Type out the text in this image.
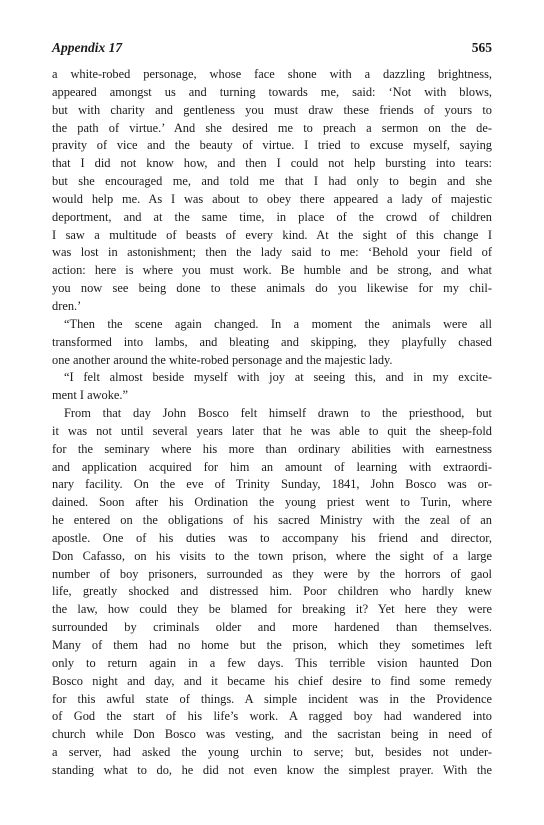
Appendix 17	565
a white-robed personage, whose face shone with a dazzling brightness,
appeared amongst us and turning towards me, said: ‘Not with blows,
but with charity and gentleness you must draw these friends of yours to
the path of virtue.’ And she desired me to preach a sermon on the de-
pravity of vice and the beauty of virtue. I tried to excuse myself, saying
that I did not know how, and then I could not help bursting into tears:
but she encouraged me, and told me that I had only to begin and she
would help me. As I was about to obey there appeared a lady of majestic
deportment, and at the same time, in place of the crowd of children
I saw a multitude of beasts of every kind. At the sight of this change I
was lost in astonishment; then the lady said to me: ‘Behold your field of
action: here is where you must work. Be humble and be strong, and what
you now see being done to these animals do you likewise for my chil-
dren.’
“Then the scene again changed. In a moment the animals were all
transformed into lambs, and bleating and skipping, they playfully chased
one another around the white-robed personage and the majestic lady.
“I felt almost beside myself with joy at seeing this, and in my excite-
ment I awoke.”
From that day John Bosco felt himself drawn to the priesthood, but
it was not until several years later that he was able to quit the sheep-fold
for the seminary where his more than ordinary abilities with earnestness
and application acquired for him an amount of learning with extraordi-
nary facility. On the eve of Trinity Sunday, 1841, John Bosco was or-
dained. Soon after his Ordination the young priest went to Turin, where
he entered on the obligations of his sacred Ministry with the zeal of an
apostle. One of his duties was to accompany his friend and director,
Don Cafasso, on his visits to the town prison, where the sight of a large
number of boy prisoners, surrounded as they were by the horrors of gaol
life, greatly shocked and distressed him. Poor children who hardly knew
the law, how could they be blamed for breaking it? Yet here they were
surrounded by criminals older and more hardened than themselves.
Many of them had no home but the prison, which they sometimes left
only to return again in a few days. This terrible vision haunted Don
Bosco night and day, and it became his chief desire to find some remedy
for this awful state of things. A simple incident was in the Providence
of God the start of his life’s work. A ragged boy had wandered into
church while Don Bosco was vesting, and the sacristan being in need of
a server, had asked the young urchin to serve; but, besides not under-
standing what to do, he did not even know the simplest prayer. With the
